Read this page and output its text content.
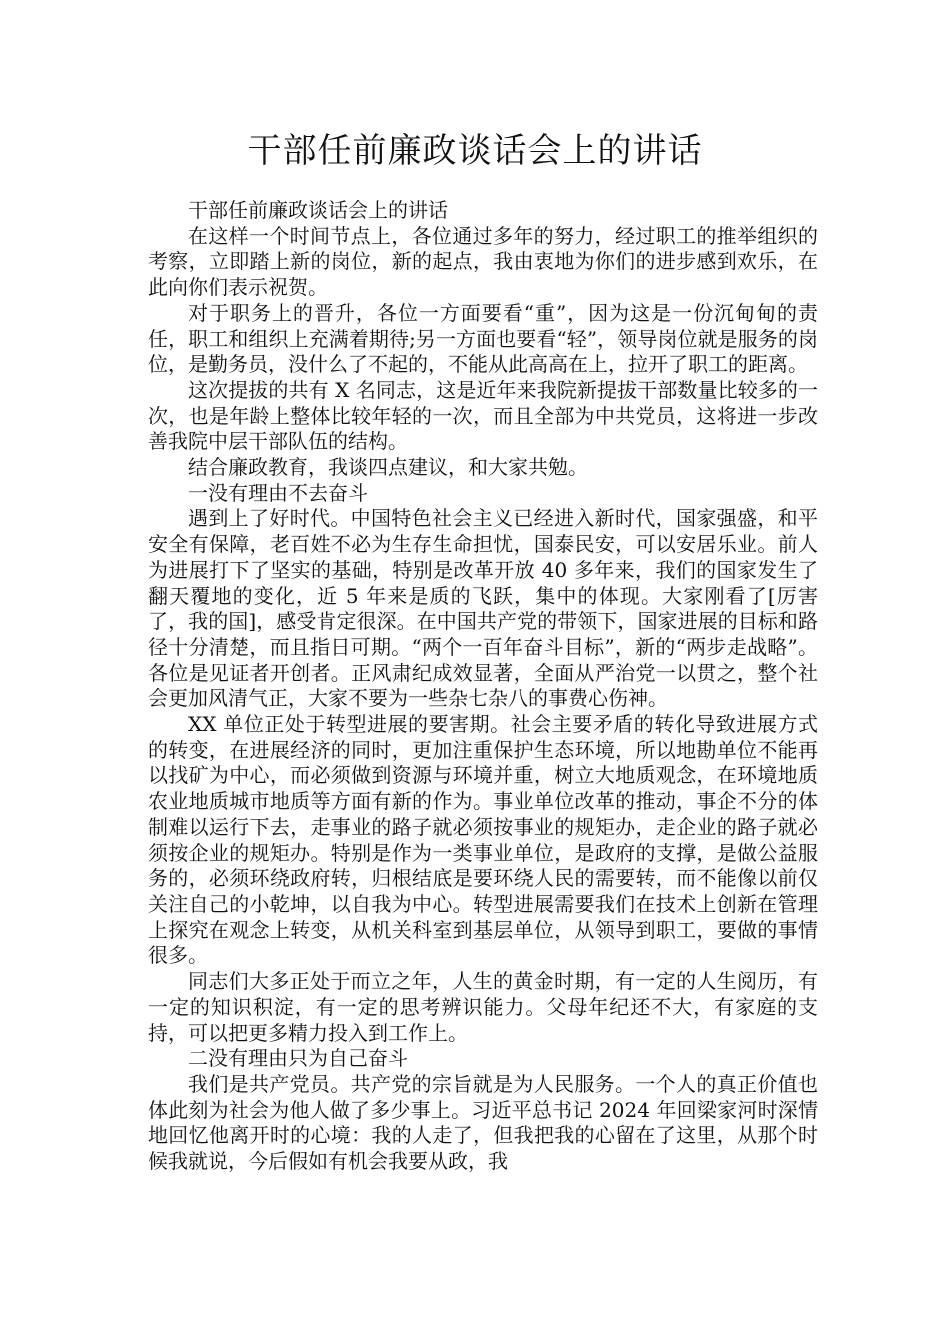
干部任前廉政谈话会上的讲话

干部任前廉政谈话会上的讲话

在这样一个时间节点上，各位通过多年的努力，经过职工的推举组织的考察，立即踏上新的岗位，新的起点，我由衷地为你们的进步感到欢乐，在此向你们表示祝贺。

对于职务上的晋升，各位一方面要看“重”，因为这是一份沉甸甸的责任，职工和组织上充满着期待;另一方面也要看“轻”，领导岗位就是服务的岗位，是勤务员，没什么了不起的，不能从此高高在上，拉开了职工的距离。

这次提拔的共有 X 名同志，这是近年来我院新提拔干部数量比较多的一次，也是年龄上整体比较年轻的一次，而且全部为中共党员，这将进一步改善我院中层干部队伍的结构。

结合廉政教育，我谈四点建议，和大家共勉。

一没有理由不去奋斗

遇到上了好时代。中国特色社会主义已经进入新时代，国家强盛，和平安全有保障，老百姓不必为生存生命担忧，国泰民安，可以安居乐业。前人为进展打下了坚实的基础，特别是改革开放 40 多年来，我们的国家发生了翻天覆地的变化，近 5 年来是质的飞跃，集中的体现。大家刚看了[厉害了，我的国]，感受肯定很深。在中国共产党的带领下，国家进展的目标和路径十分清楚，而且指日可期。“两个一百年奋斗目标”，新的“两步走战略”。各位是见证者开创者。正风肃纪成效显著，全面从严治党一以贯之，整个社会更加风清气正，大家不要为一些杂七杂八的事费心伤神。

XX 单位正处于转型进展的要害期。社会主要矛盾的转化导致进展方式的转变，在进展经济的同时，更加注重保护生态环境，所以地勘单位不能再以找矿为中心，而必须做到资源与环境并重，树立大地质观念，在环境地质农业地质城市地质等方面有新的作为。事业单位改革的推动，事企不分的体制难以运行下去，走事业的路子就必须按事业的规矩办，走企业的路子就必须按企业的规矩办。特别是作为一类事业单位，是政府的支撑，是做公益服务的，必须环绕政府转，归根结底是要环绕人民的需要转，而不能像以前仅关注自己的小乾坤，以自我为中心。转型进展需要我们在技术上创新在管理上探究在观念上转变，从机关科室到基层单位，从领导到职工，要做的事情很多。

同志们大多正处于而立之年，人生的黄金时期，有一定的人生阅历，有一定的知识积淀，有一定的思考辨识能力。父母年纪还不大，有家庭的支持，可以把更多精力投入到工作上。

二没有理由只为自己奋斗

我们是共产党员。共产党的宗旨就是为人民服务。一个人的真正价值也体此刻为社会为他人做了多少事上。习近平总书记 2024 年回梁家河时深情地回忆他离开时的心境：我的人走了，但我把我的心留在了这里，从那个时候我就说，今后假如有机会我要从政，我
